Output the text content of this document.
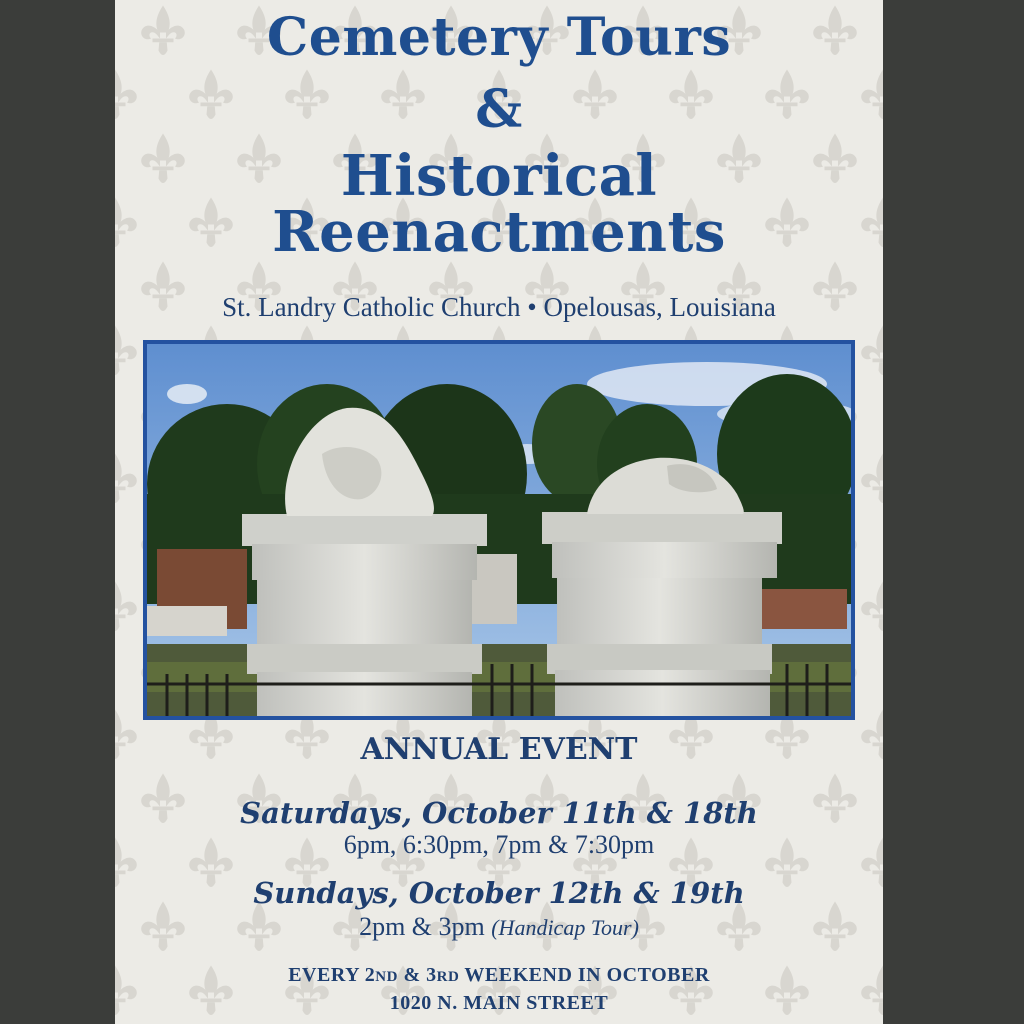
Cemetery Tours
&
Historical
Reenactments
St. Landry Catholic Church • Opelousas, Louisiana
ANNUAL EVENT
Saturdays, October 11th & 18th
6pm, 6:30pm, 7pm & 7:30pm
Sundays, October 12th & 19th
2pm & 3pm (Handicap Tour)
EVERY 2ND & 3RD WEEKEND IN OCTOBER
1020 N. MAIN STREET
